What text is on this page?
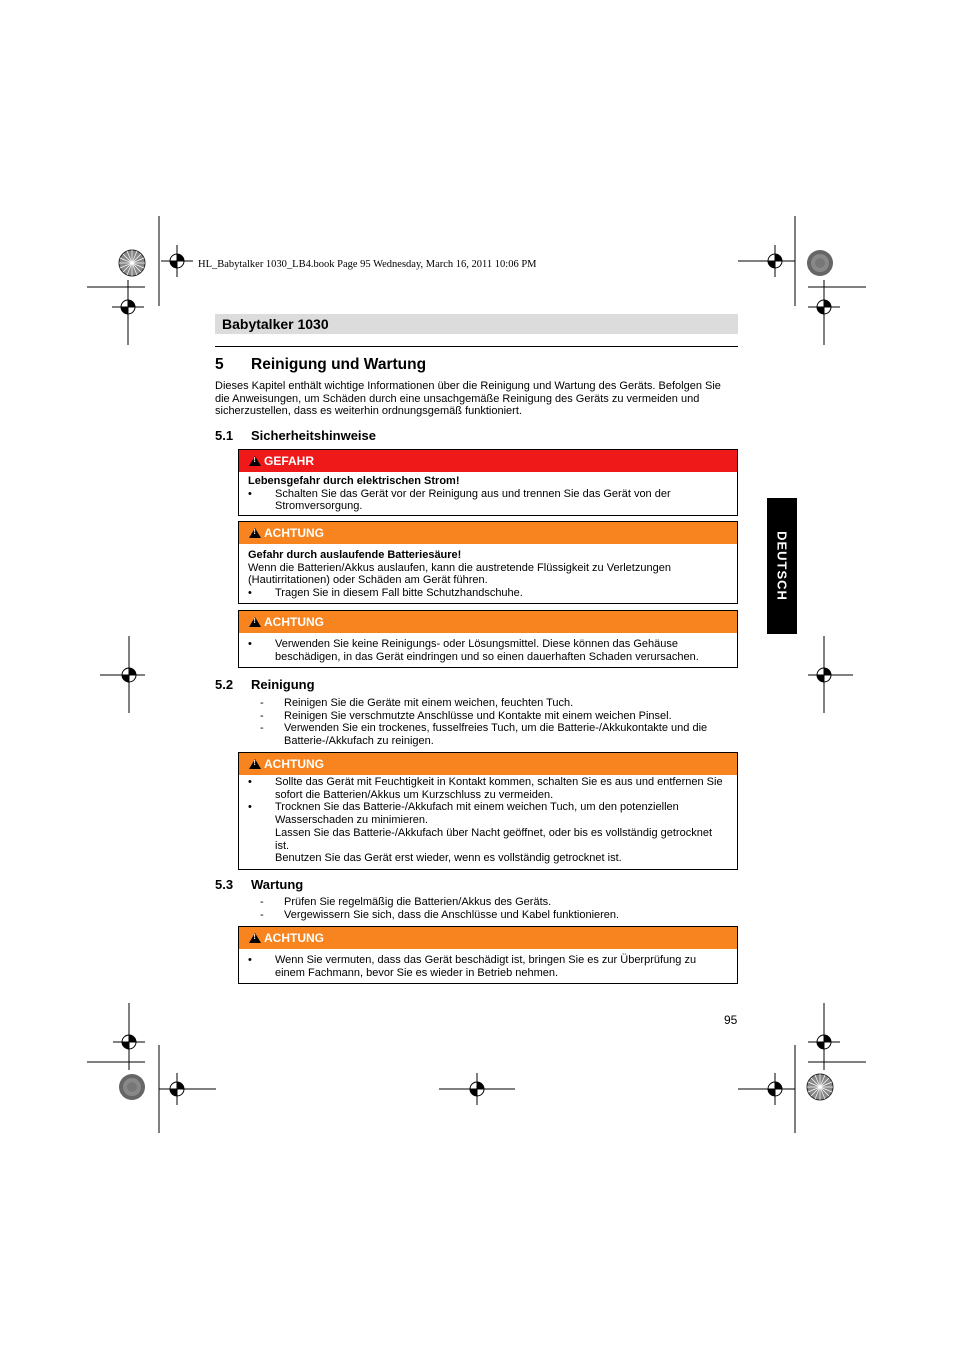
HL_Babytalker 1030_LB4.book Page 95 Wednesday, March 16, 2011 10:06 PM
Babytalker 1030
5 Reinigung und Wartung

Dieses Kapitel enthält wichtige Informationen über die Reinigung und Wartung des Geräts. Befolgen Sie die Anweisungen, um Schäden durch eine unsachgemäße Reinigung des Geräts zu vermeiden und sicherzustellen, dass es weiterhin ordnungsgemäß funktioniert.

5.1 Sicherheitshinweise
!GEFAHR
Lebensgefahr durch elektrischen Strom!
• Schalten Sie das Gerät vor der Reinigung aus und trennen Sie das Gerät von der Stromversorgung.
!ACHTUNG
Gefahr durch auslaufende Batteriesäure!
Wenn die Batterien/Akkus auslaufen, kann die austretende Flüssigkeit zu Verletzungen (Hautirritationen) oder Schäden am Gerät führen.
• Tragen Sie in diesem Fall bitte Schutzhandschuhe.
!ACHTUNG
• Verwenden Sie keine Reinigungs- oder Lösungsmittel. Diese können das Gehäuse beschädigen, in das Gerät eindringen und so einen dauerhaften Schaden verursachen.
5.2 Reinigung
- Reinigen Sie die Geräte mit einem weichen, feuchten Tuch.
- Reinigen Sie verschmutzte Anschlüsse und Kontakte mit einem weichen Pinsel.
- Verwenden Sie ein trockenes, fusselfreies Tuch, um die Batterie-/Akkukontakte und die Batterie-/Akkufach zu reinigen.
!ACHTUNG
• Sollte das Gerät mit Feuchtigkeit in Kontakt kommen, schalten Sie es aus und entfernen Sie sofort die Batterien/Akkus um Kurzschluss zu vermeiden.
• Trocknen Sie das Batterie-/Akkufach mit einem weichen Tuch, um den potenziellen Wasserschaden zu minimieren.
Lassen Sie das Batterie-/Akkufach über Nacht geöffnet, oder bis es vollständig getrocknet ist.
Benutzen Sie das Gerät erst wieder, wenn es vollständig getrocknet ist.
5.3 Wartung
- Prüfen Sie regelmäßig die Batterien/Akkus des Geräts.
- Vergewissern Sie sich, dass die Anschlüsse und Kabel funktionieren.
!ACHTUNG
• Wenn Sie vermuten, dass das Gerät beschädigt ist, bringen Sie es zur Überprüfung zu einem Fachmann, bevor Sie es wieder in Betrieb nehmen.
DEUTSCH
95
